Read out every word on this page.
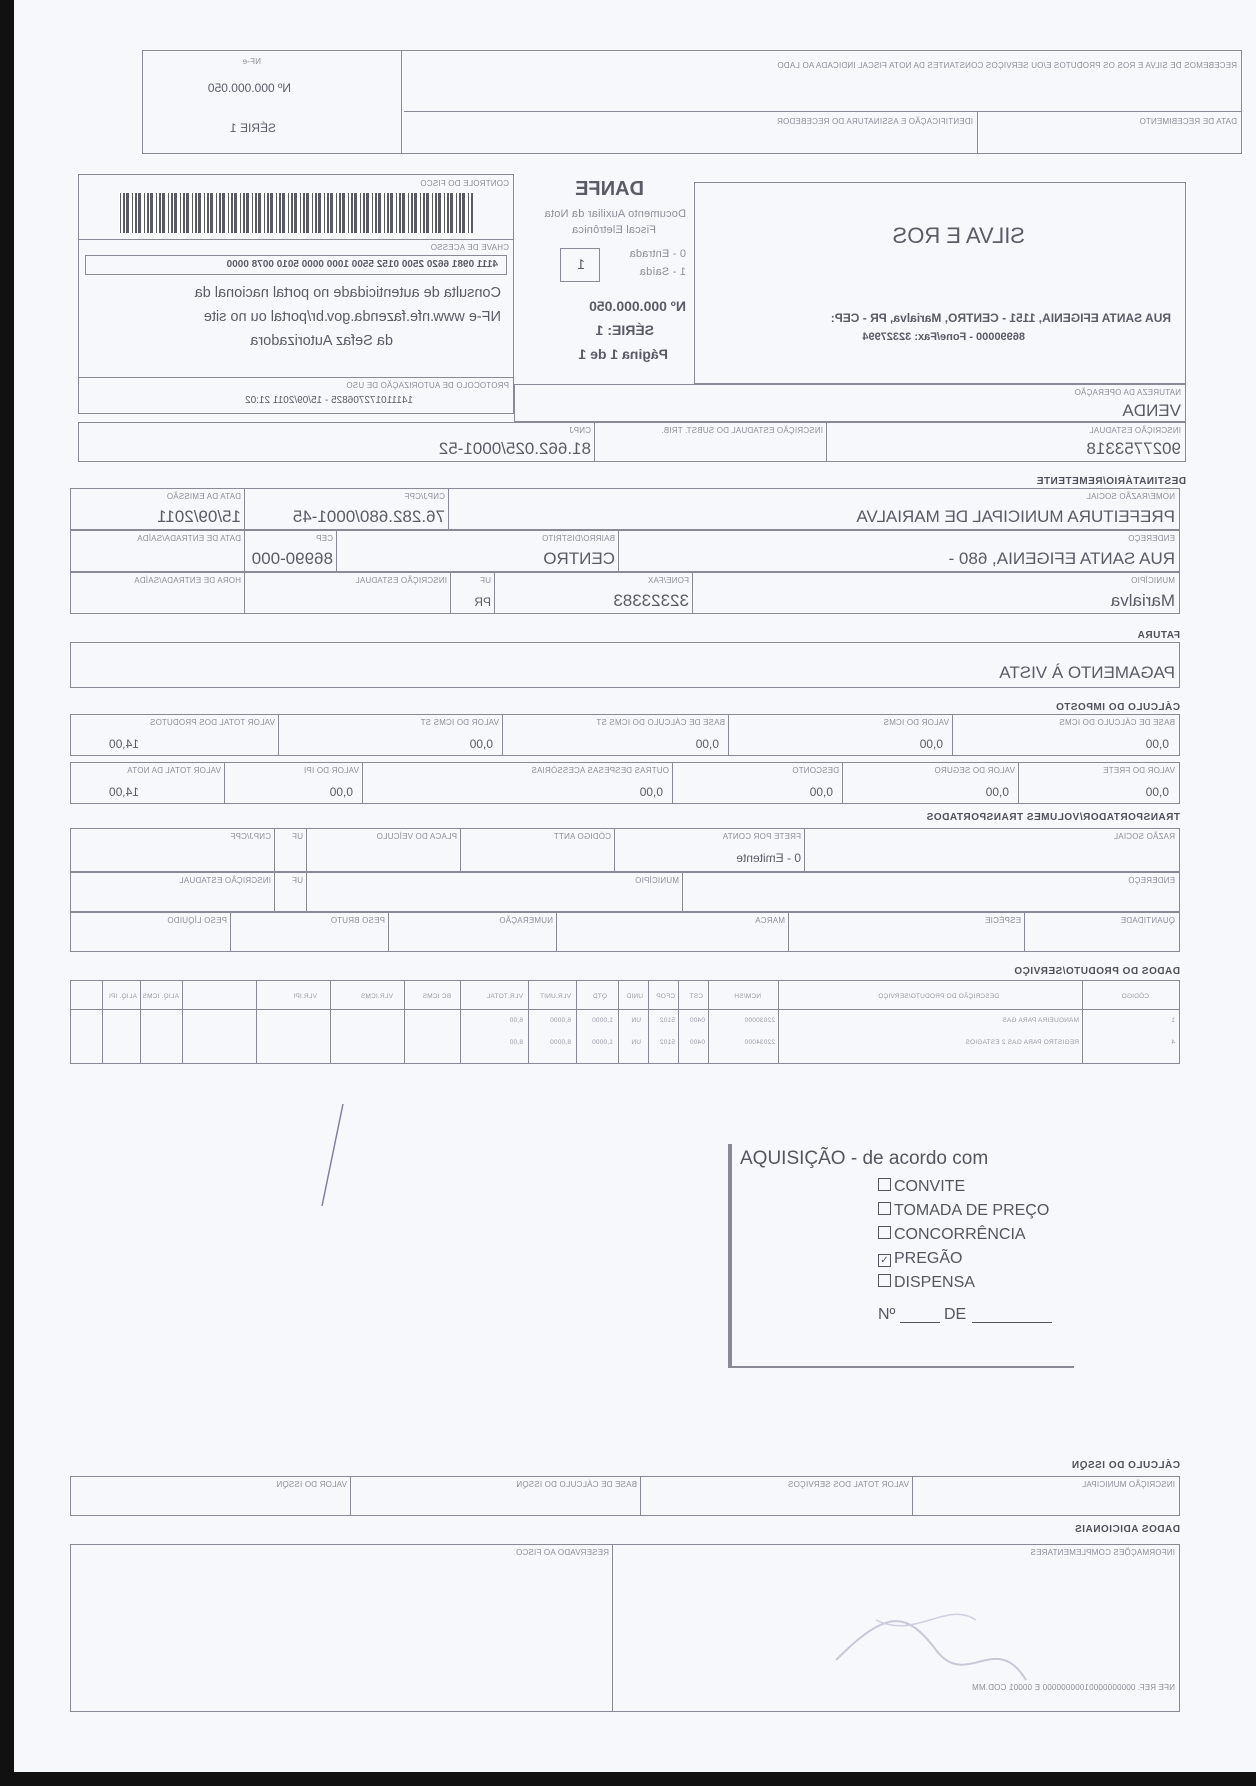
RECEBEMOS DE SILVA E ROS OS PRODUTOS E/OU SERVIÇOS CONSTANTES DA NOTA FISCAL INDICADA AO LADO
DATA DE RECEBIMENTO
IDENTIFICAÇÃO E ASSINATURA DO RECEBEDOR
NF-e
Nº 000.000.050
SÉRIE 1
SILVA E ROS
RUA SANTA EFIGENIA, 1151 - CENTRO, Marialva, PR - CEP:
86990000 - Fone/Fax: 32327994
DANFE
Documento Auxiliar da Nota
Fiscal Eletrônica
0 - Entrada
1 - Saída
1
Nº 000.000.050
SÉRIE: 1
Página 1 de 1
CONTROLE DO FISCO
CHAVE DE ACESSO
4111 0981 6620 2500 0152 5500 1000 0000 5010 0078 0000
Consulta de autenticidade no portal nacional da
NF-e www.nfe.fazenda.gov.br/portal ou no site
da Sefaz Autorizadora
PROTOCOLO DE AUTORIZAÇÃO DE USO
141110172706825 - 15/09/2011 21:02
NATUREZA DA OPERAÇÃO
VENDA
INSCRIÇÃO ESTADUAL
9027753318
INSCRIÇÃO ESTADUAL DO SUBST. TRIB.
CNPJ
81.662.025/0001-52
DESTINATÁRIO/REMETENTE
NOME/RAZÃO SOCIAL
PREFEITURA MUNICIPAL DE MARIALVA
CNPJ/CPF
76.282.680/0001-45
DATA DA EMISSÃO
15/09/2011
ENDEREÇO
RUA SANTA EFIGENIA, 680 -
BAIRRO/DISTRITO
CENTRO
CEP
86990-000
DATA DE ENTRADA/SAÍDA
MUNICÍPIO
Marialva
FONE/FAX
32323383
UF
PR
INSCRIÇÃO ESTADUAL
HORA DE ENTRADA/SAÍDA
FATURA
PAGAMENTO À VISTA
CÁLCULO DO IMPOSTO
BASE DE CÁLCULO DO ICMS
0,00
VALOR DO ICMS
0,00
BASE DE CÁLCULO DO ICMS ST
0,00
VALOR DO ICMS ST
0,00
VALOR TOTAL DOS PRODUTOS
14,00
VALOR DO FRETE
0,00
VALOR DO SEGURO
0,00
DESCONTO
0,00
OUTRAS DESPESAS ACESSÓRIAS
0,00
VALOR DO IPI
0,00
VALOR TOTAL DA NOTA
14,00
TRANSPORTADOR/VOLUMES TRANSPORTADOS
RAZÃO SOCIAL
FRETE POR CONTA
0 - Emitente
CÓDIGO ANTT
PLACA DO VEÍCULO
UF
CNPJ/CPF
ENDEREÇO
MUNICÍPIO
UF
INSCRIÇÃO ESTADUAL
QUANTIDADE
ESPÉCIE
MARCA
NUMERAÇÃO
PESO BRUTO
PESO LÍQUIDO
DADOS DO PRODUTO/SERVIÇO
CÓDIGO
DESCRIÇÃO DO PRODUTO/SERVIÇO
NCM/SH
CST
CFOP
UNID
QTD
VLR.UNIT
VLR.TOTAL
BC ICMS
VLR.ICMS
VLR.IPI
ALIQ. ICMS
ALIQ. IPI
1
MANGUEIRA PARA GAS
22030000
0400
5102
UN
1,0000
6,0000
6,00
4
REGISTRO PARA GAS 2 ESTAGIOS
22034000
0400
5102
UN
1,0000
8,0000
8,00
AQUISIÇÃO - de acordo com
CONVITE
TOMADA DE PREÇO
CONCORRÊNCIA
✓ PREGÃO
DISPENSA
Nº	DE
CÁLCULO DO ISSQN
INSCRIÇÃO MUNICIPAL
VALOR TOTAL DOS SERVIÇOS
BASE DE CÁLCULO DO ISSQN
VALOR DO ISSQN
DADOS ADICIONAIS
INFORMAÇÕES COMPLEMENTARES
NFE REF. 00000000001000000000 E 00001 COD.MM
RESERVADO AO FISCO
